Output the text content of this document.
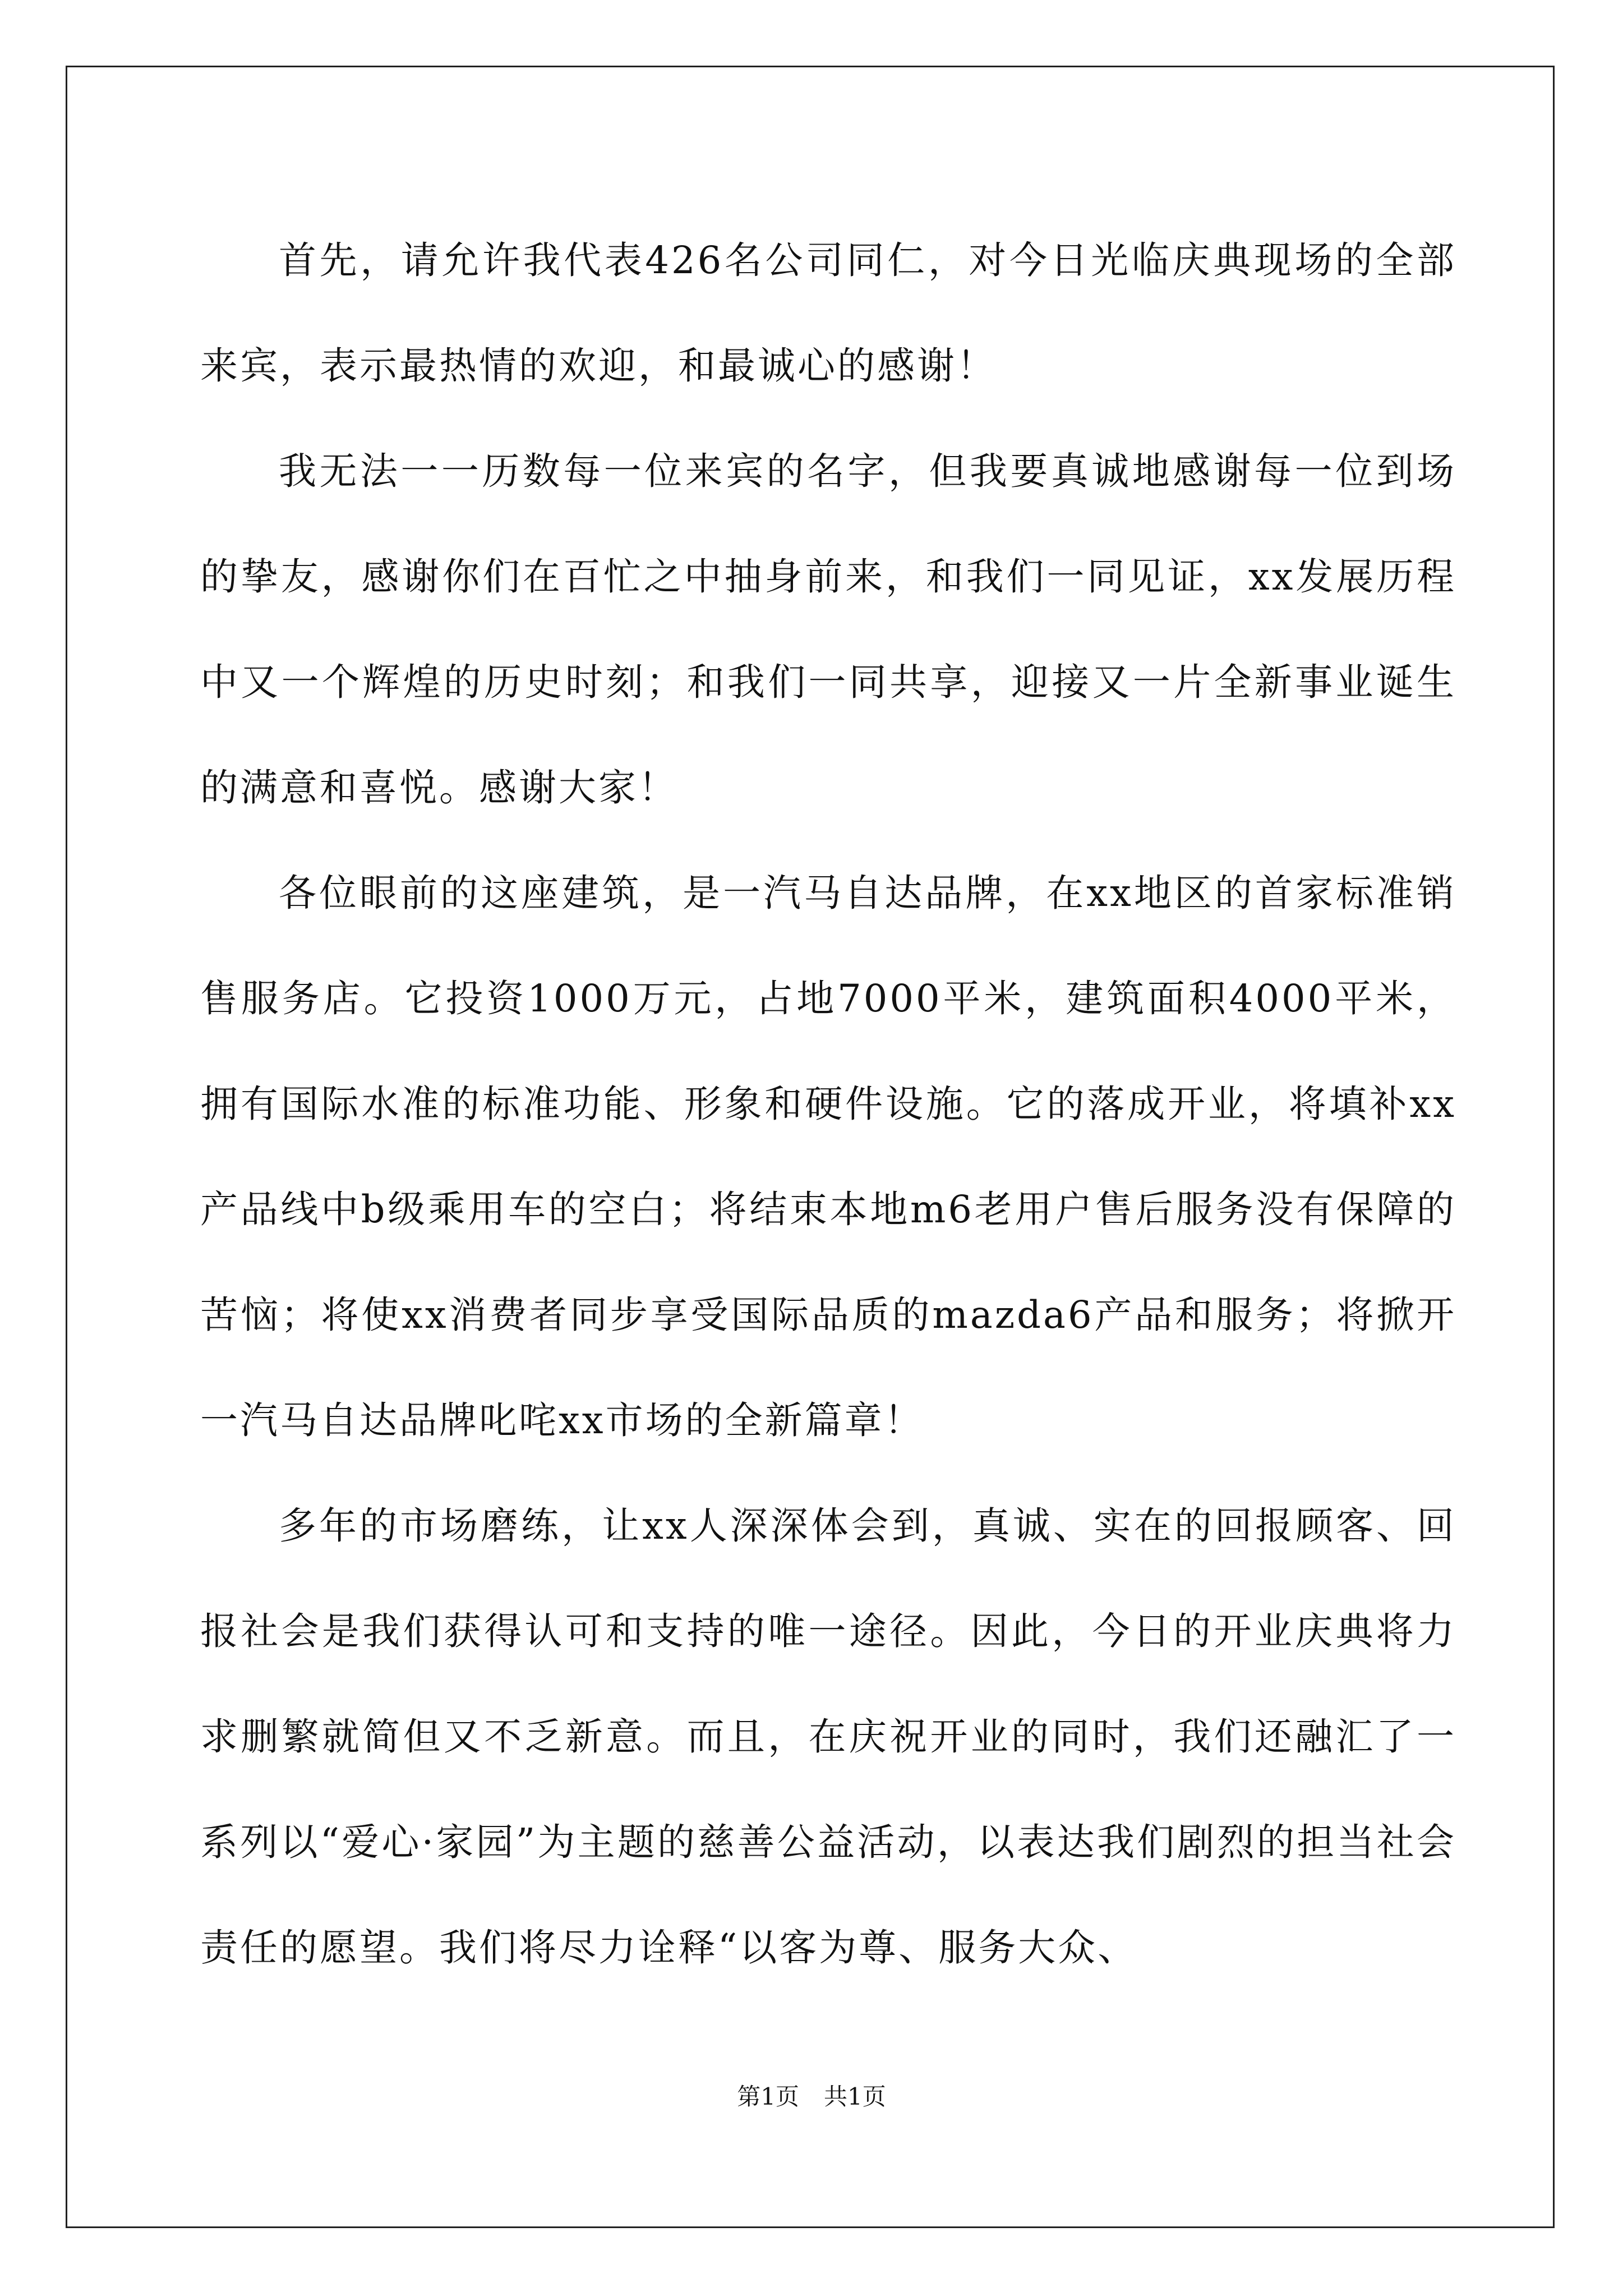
首先，请允许我代表426名公司同仁，对今日光临庆典现场的全部来宾，表示最热情的欢迎，和最诚心的感谢！

我无法一一历数每一位来宾的名字，但我要真诚地感谢每一位到场的挚友，感谢你们在百忙之中抽身前来，和我们一同见证，xx发展历程中又一个辉煌的历史时刻；和我们一同共享，迎接又一片全新事业诞生的满意和喜悦。感谢大家！

各位眼前的这座建筑，是一汽马自达品牌，在xx地区的首家标准销售服务店。它投资1000万元，占地7000平米，建筑面积4000平米，拥有国际水准的标准功能、形象和硬件设施。它的落成开业，将填补xx产品线中b级乘用车的空白；将结束本地m6老用户售后服务没有保障的苦恼；将使xx消费者同步享受国际品质的mazda6产品和服务；将掀开一汽马自达品牌叱咤xx市场的全新篇章！

多年的市场磨练，让xx人深深体会到，真诚、实在的回报顾客、回报社会是我们获得认可和支持的唯一途径。因此，今日的开业庆典将力求删繁就简但又不乏新意。而且，在庆祝开业的同时，我们还融汇了一系列以“爱心·家园”为主题的慈善公益活动，以表达我们剧烈的担当社会责任的愿望。我们将尽力诠释“以客为尊、服务大众、

第1页 共1页
